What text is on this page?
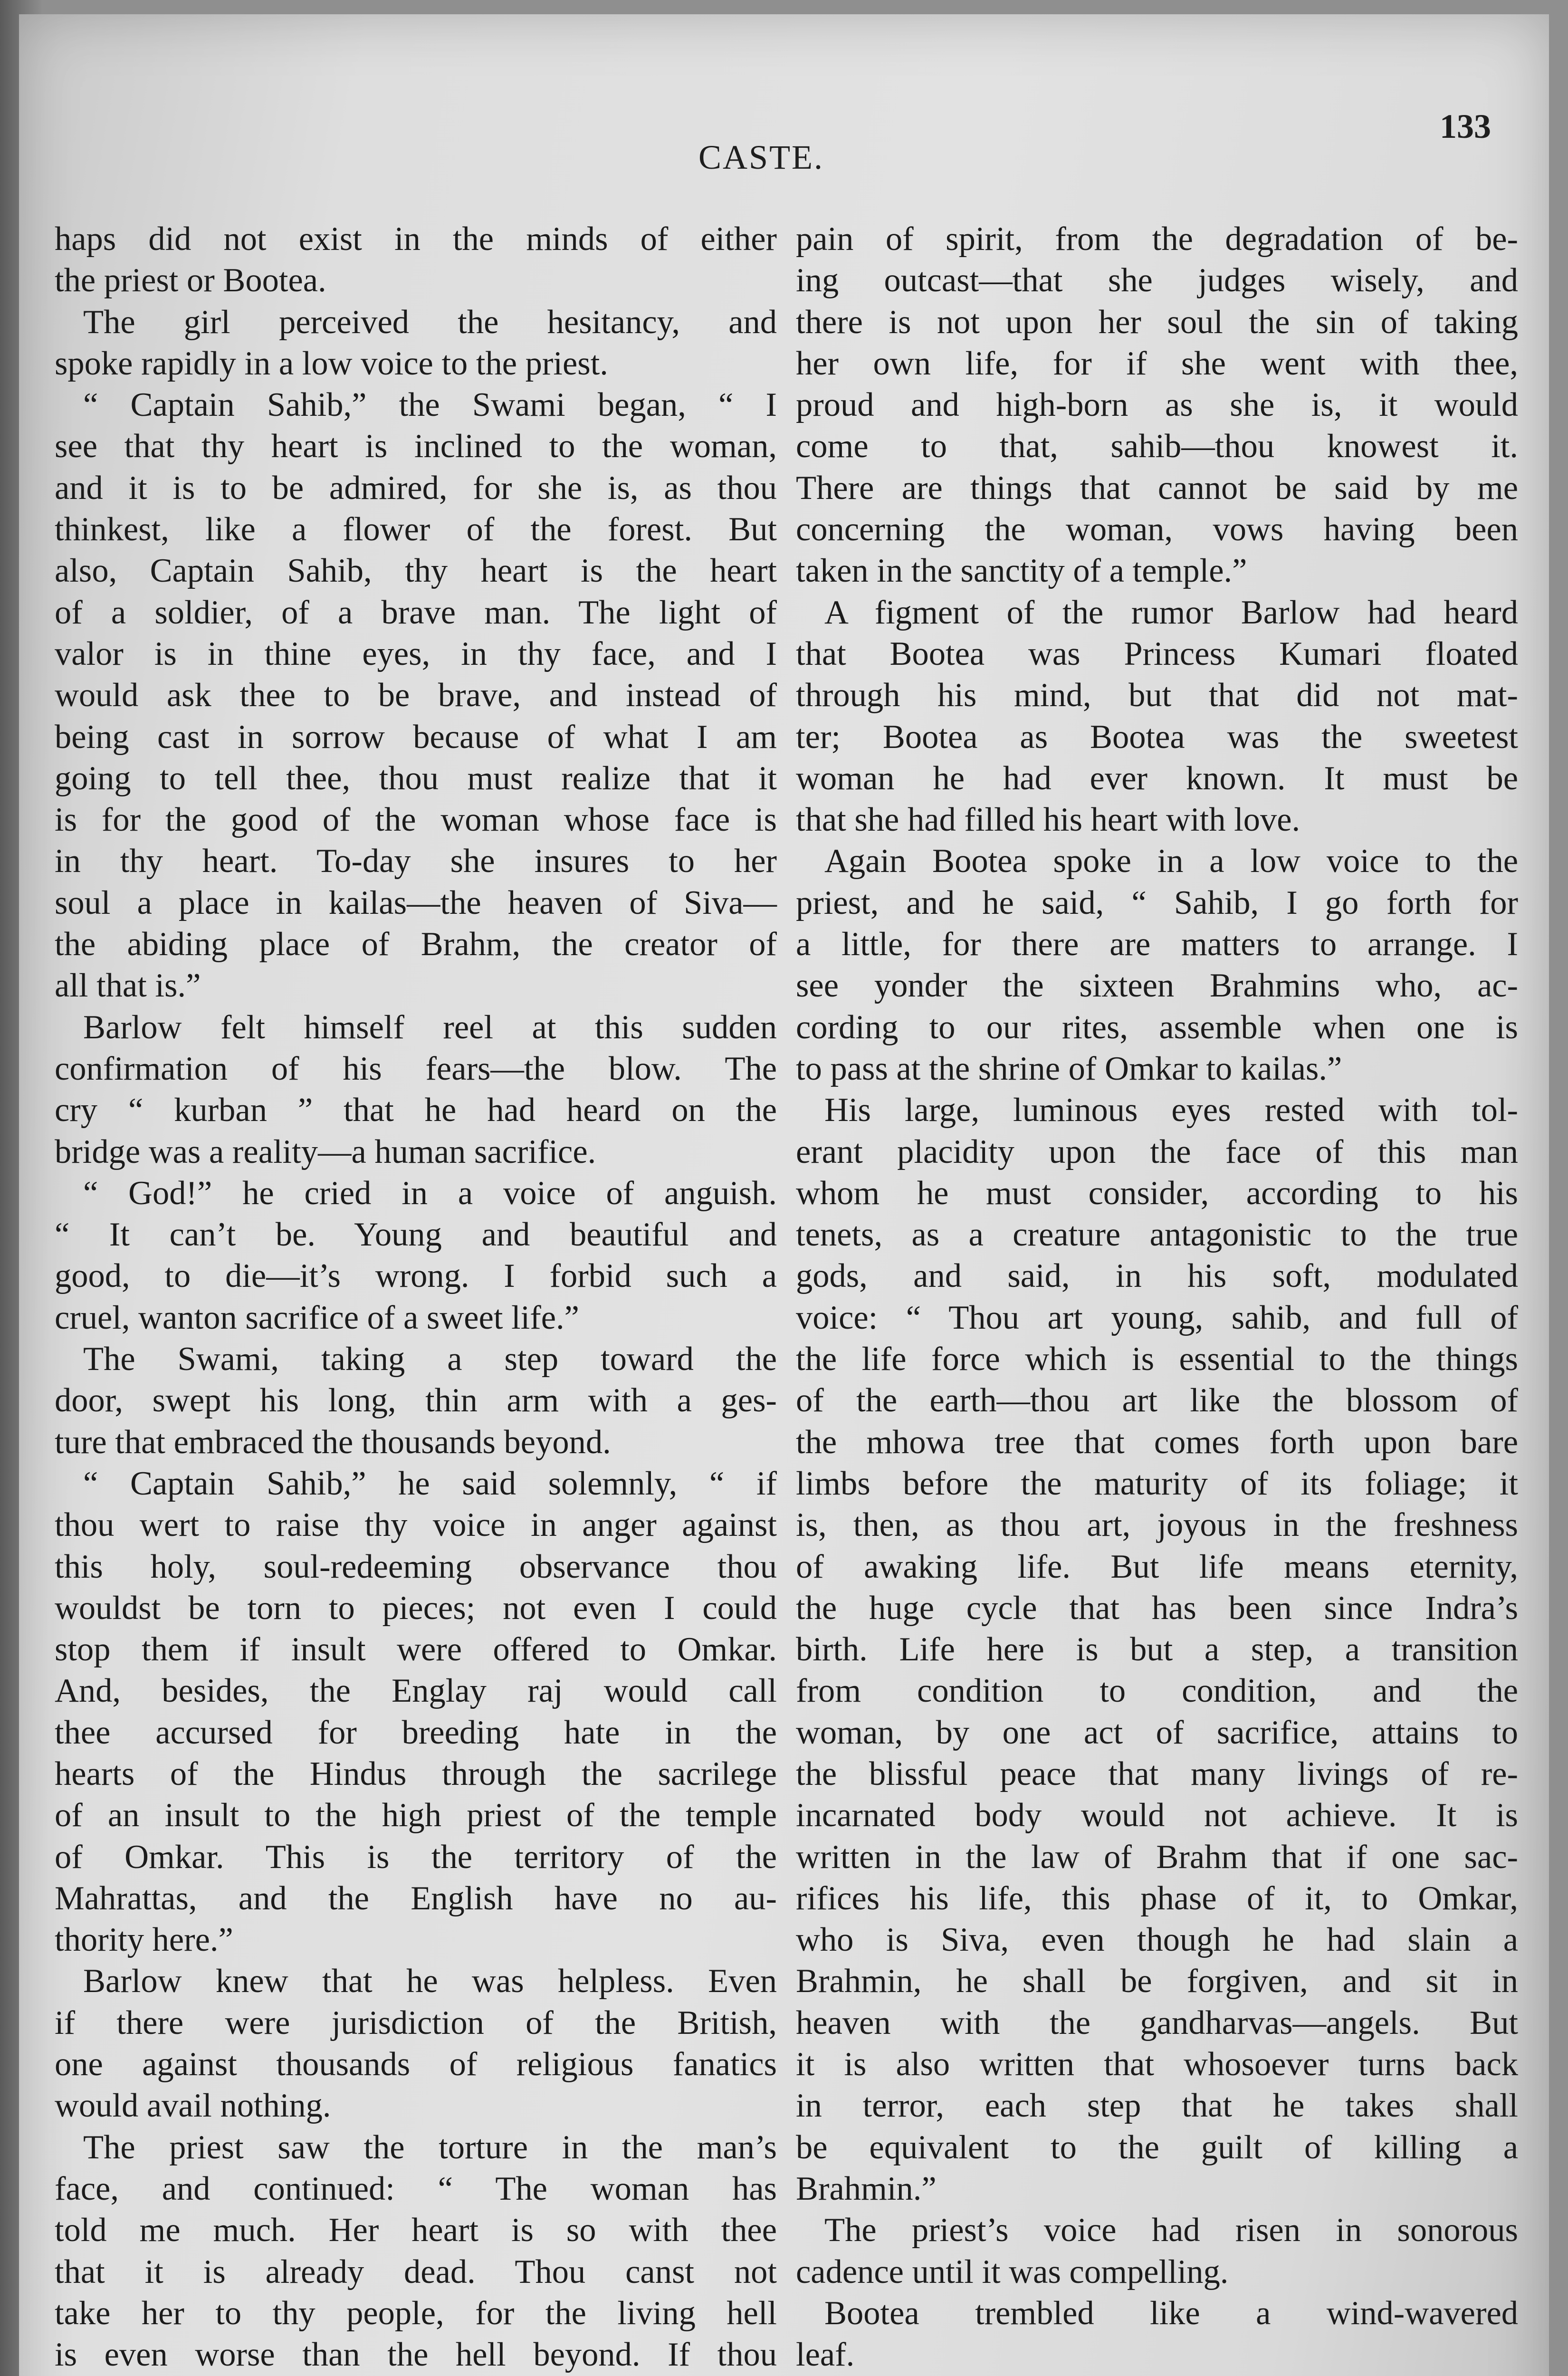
CASTE.
133
haps did not exist in the minds of either
the priest or Bootea.
The girl perceived the hesitancy, and
spoke rapidly in a low voice to the priest.
“ Captain Sahib,” the Swami began, “ I
see that thy heart is inclined to the woman,
and it is to be admired, for she is, as thou
thinkest, like a flower of the forest. But
also, Captain Sahib, thy heart is the heart
of a soldier, of a brave man. The light of
valor is in thine eyes, in thy face, and I
would ask thee to be brave, and instead of
being cast in sorrow because of what I am
going to tell thee, thou must realize that it
is for the good of the woman whose face is
in thy heart. To-day she insures to her
soul a place in kailas—the heaven of Siva—
the abiding place of Brahm, the creator of
all that is.”
Barlow felt himself reel at this sudden
confirmation of his fears—the blow. The
cry “ kurban ” that he had heard on the
bridge was a reality—a human sacrifice.
“ God!” he cried in a voice of anguish.
“ It can’t be. Young and beautiful and
good, to die—it’s wrong. I forbid such a
cruel, wanton sacrifice of a sweet life.”
The Swami, taking a step toward the
door, swept his long, thin arm with a ges-
ture that embraced the thousands beyond.
“ Captain Sahib,” he said solemnly, “ if
thou wert to raise thy voice in anger against
this holy, soul-redeeming observance thou
wouldst be torn to pieces; not even I could
stop them if insult were offered to Omkar.
And, besides, the Englay raj would call
thee accursed for breeding hate in the
hearts of the Hindus through the sacrilege
of an insult to the high priest of the temple
of Omkar. This is the territory of the
Mahrattas, and the English have no au-
thority here.”
Barlow knew that he was helpless. Even
if there were jurisdiction of the British,
one against thousands of religious fanatics
would avail nothing.
The priest saw the torture in the man’s
face, and continued: “ The woman has
told me much. Her heart is so with thee
that it is already dead. Thou canst not
take her to thy people, for the living hell
is even worse than the hell beyond. If thou
pain of spirit, from the degradation of be-
ing outcast—that she judges wisely, and
there is not upon her soul the sin of taking
her own life, for if she went with thee,
proud and high-born as she is, it would
come to that, sahib—thou knowest it.
There are things that cannot be said by me
concerning the woman, vows having been
taken in the sanctity of a temple.”
A figment of the rumor Barlow had heard
that Bootea was Princess Kumari floated
through his mind, but that did not mat-
ter; Bootea as Bootea was the sweetest
woman he had ever known. It must be
that she had filled his heart with love.
Again Bootea spoke in a low voice to the
priest, and he said, “ Sahib, I go forth for
a little, for there are matters to arrange. I
see yonder the sixteen Brahmins who, ac-
cording to our rites, assemble when one is
to pass at the shrine of Omkar to kailas.”
His large, luminous eyes rested with tol-
erant placidity upon the face of this man
whom he must consider, according to his
tenets, as a creature antagonistic to the true
gods, and said, in his soft, modulated
voice: “ Thou art young, sahib, and full of
the life force which is essential to the things
of the earth—thou art like the blossom of
the mhowa tree that comes forth upon bare
limbs before the maturity of its foliage; it
is, then, as thou art, joyous in the freshness
of awaking life. But life means eternity,
the huge cycle that has been since Indra’s
birth. Life here is but a step, a transition
from condition to condition, and the
woman, by one act of sacrifice, attains to
the blissful peace that many livings of re-
incarnated body would not achieve. It is
written in the law of Brahm that if one sac-
rifices his life, this phase of it, to Omkar,
who is Siva, even though he had slain a
Brahmin, he shall be forgiven, and sit in
heaven with the gandharvas—angels. But
it is also written that whosoever turns back
in terror, each step that he takes shall
be equivalent to the guilt of killing a
Brahmin.”
The priest’s voice had risen in sonorous
cadence until it was compelling.
Bootea trembled like a wind-wavered
leaf.
